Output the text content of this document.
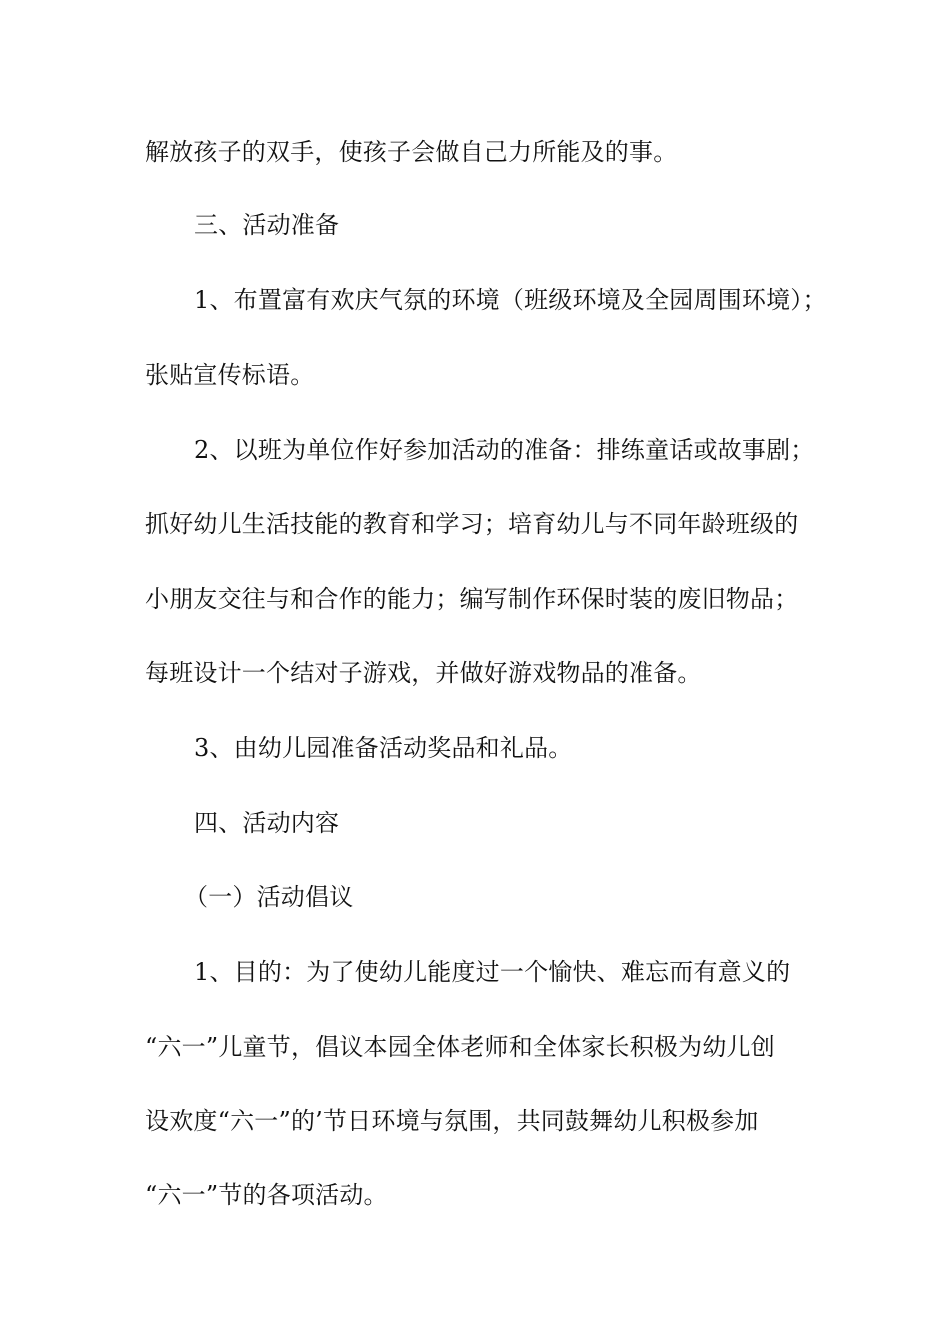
解放孩子的双手，使孩子会做自己力所能及的事。
三、活动准备
1、布置富有欢庆气氛的环境（班级环境及全园周围环境）；
张贴宣传标语。
2、以班为单位作好参加活动的准备：排练童话或故事剧；
抓好幼儿生活技能的教育和学习；培育幼儿与不同年龄班级的
小朋友交往与和合作的能力；编写制作环保时装的废旧物品；
每班设计一个结对子游戏，并做好游戏物品的准备。
3、由幼儿园准备活动奖品和礼品。
四、活动内容
（一）活动倡议
1、目的：为了使幼儿能度过一个愉快、难忘而有意义的
“六一”儿童节，倡议本园全体老师和全体家长积极为幼儿创
设欢度“六一”的’节日环境与氛围，共同鼓舞幼儿积极参加
“六一”节的各项活动。
